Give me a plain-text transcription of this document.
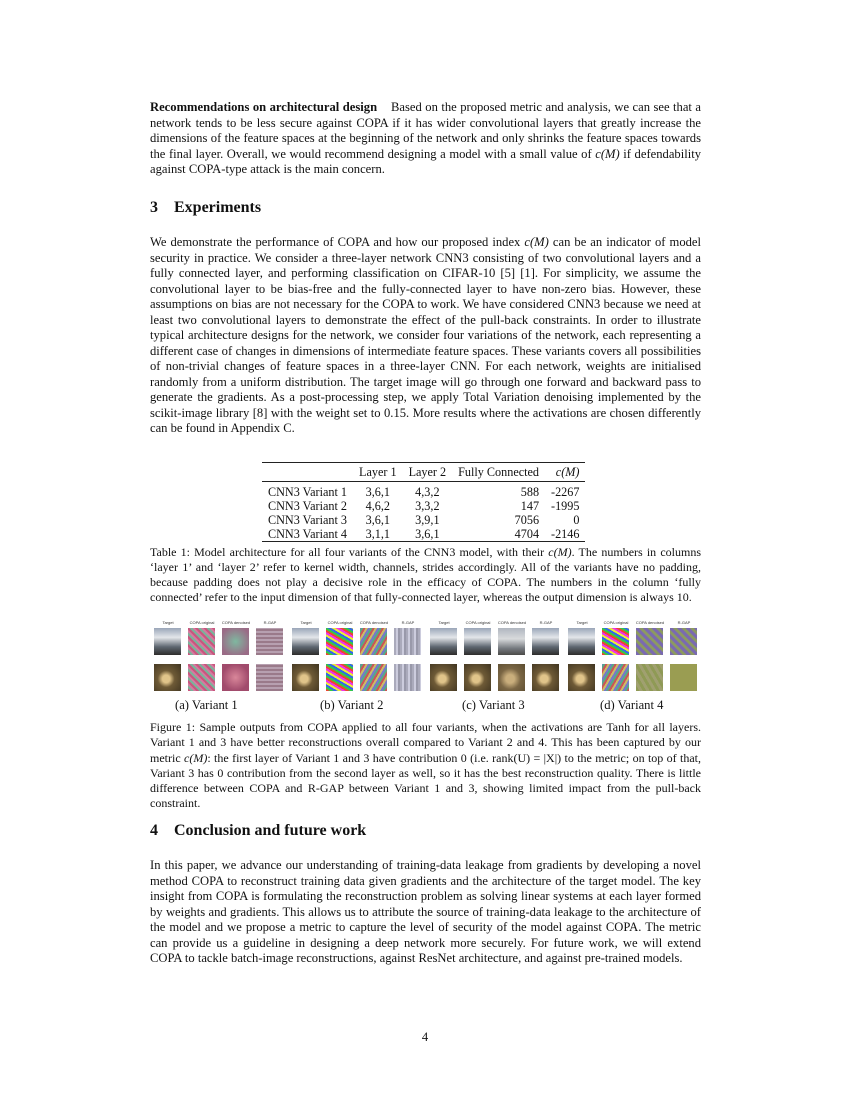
Recommendations on architectural design Based on the proposed metric and analysis, we can see that a network tends to be less secure against COPA if it has wider convolutional layers that greatly increase the dimensions of the feature spaces at the beginning of the network and only shrinks the feature spaces towards the final layer. Overall, we would recommend designing a model with a small value of c(M) if defendability against COPA-type attack is the main concern.

3 Experiments

We demonstrate the performance of COPA and how our proposed index c(M) can be an indicator of model security in practice. We consider a three-layer network CNN3 consisting of two convolutional layers and a fully connected layer, and performing classification on CIFAR-10 [5] [1]. For simplicity, we assume the convolutional layer to be bias-free and the fully-connected layer to have non-zero bias. However, these assumptions on bias are not necessary for the COPA to work. We have considered CNN3 because we need at least two convolutional layers to demonstrate the effect of the pull-back constraints. In order to illustrate typical architecture designs for the network, we consider four variations of the network, each representing a different case of changes in dimensions of intermediate feature spaces. These variants covers all possibilities of non-trivial changes of feature spaces in a three-layer CNN. For each network, weights are initialised randomly from a uniform distribution. The target image will go through one forward and backward pass to generate the gradients. As a post-processing step, we apply Total Variation denoising implemented by the scikit-image library [8] with the weight set to 0.15. More results where the activations are chosen differently can be found in Appendix C.

	Layer 1	Layer 2	Fully Connected	c(M)
CNN3 Variant 1	3,6,1	4,3,2	588	-2267
CNN3 Variant 2	4,6,2	3,3,2	147	-1995
CNN3 Variant 3	3,6,1	3,9,1	7056	0
CNN3 Variant 4	3,1,1	3,6,1	4704	-2146

Table 1: Model architecture for all four variants of the CNN3 model, with their c(M). The numbers in columns ‘layer 1’ and ‘layer 2’ refer to kernel width, channels, strides accordingly. All of the variants have no padding, because padding does not play a decisive role in the efficacy of COPA. The numbers in the column ‘fully connected’ refer to the input dimension of that fully-connected layer, whereas the output dimension is always 10.

Target	COPA original	COPA denoised	R-GAP	Target	COPA original	COPA denoised	R-GAP	Target	COPA original	COPA denoised	R-GAP	Target	COPA original	COPA denoised	R-GAP
(a) Variant 1	(b) Variant 2	(c) Variant 3	(d) Variant 4

Figure 1: Sample outputs from COPA applied to all four variants, when the activations are Tanh for all layers. Variant 1 and 3 have better reconstructions overall compared to Variant 2 and 4. This has been captured by our metric c(M): the first layer of Variant 1 and 3 have contribution 0 (i.e. rank(U) = |X|) to the metric; on top of that, Variant 3 has 0 contribution from the second layer as well, so it has the best reconstruction quality. There is little difference between COPA and R-GAP between Variant 1 and 3, showing limited impact from the pull-back constraint.

4 Conclusion and future work

In this paper, we advance our understanding of training-data leakage from gradients by developing a novel method COPA to reconstruct training data given gradients and the architecture of the target model. The key insight from COPA is formulating the reconstruction problem as solving linear systems at each layer formed by weights and gradients. This allows us to attribute the source of training-data leakage to the architecture of the model and we propose a metric to capture the level of security of the model against COPA. The metric can provide us a guideline in designing a deep network more securely. For future work, we will extend COPA to tackle batch-image reconstructions, against ResNet architecture, and against pre-trained models.

4
